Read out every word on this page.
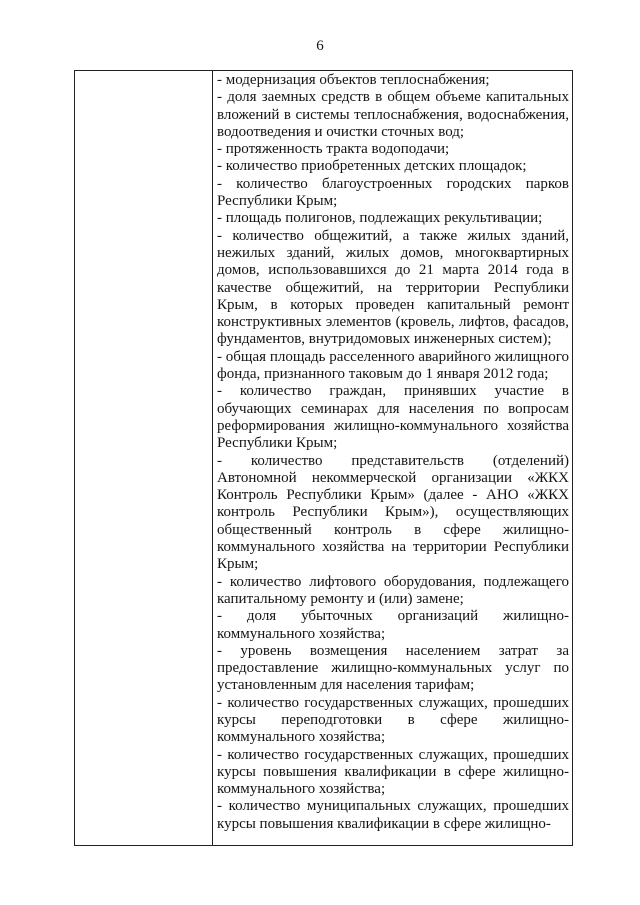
6
- модернизация объектов теплоснабжения;
- доля заемных средств в общем объеме капитальных вложений в системы теплоснабжения, водоснабжения, водоотведения и очистки сточных вод;
- протяженность тракта водоподачи;
- количество приобретенных детских площадок;
- количество благоустроенных городских парков Республики Крым;
- площадь полигонов, подлежащих рекультивации;
- количество общежитий, а также жилых зданий, нежилых зданий, жилых домов, многоквартирных домов, использовавшихся до 21 марта 2014 года в качестве общежитий, на территории Республики Крым, в которых проведен капитальный ремонт конструктивных элементов (кровель, лифтов, фасадов, фундаментов, внутридомовых инженерных систем);
- общая площадь расселенного аварийного жилищного фонда, признанного таковым до 1 января 2012 года;
- количество граждан, принявших участие в обучающих семинарах для населения по вопросам реформирования жилищно-коммунального хозяйства Республики Крым;
- количество представительств (отделений) Автономной некоммерческой организации «ЖКХ Контроль Республики Крым» (далее - АНО «ЖКХ контроль Республики Крым»), осуществляющих общественный контроль в сфере жилищно-коммунального хозяйства на территории Республики Крым;
- количество лифтового оборудования, подлежащего капитальному ремонту и (или) замене;
- доля убыточных организаций жилищно-коммунального хозяйства;
- уровень возмещения населением затрат за предоставление жилищно-коммунальных услуг по установленным для населения тарифам;
- количество государственных служащих, прошедших курсы переподготовки в сфере жилищно-коммунального хозяйства;
- количество государственных служащих, прошедших курсы повышения квалификации в сфере жилищно-коммунального хозяйства;
- количество муниципальных служащих, прошедших курсы повышения квалификации в сфере жилищно-
